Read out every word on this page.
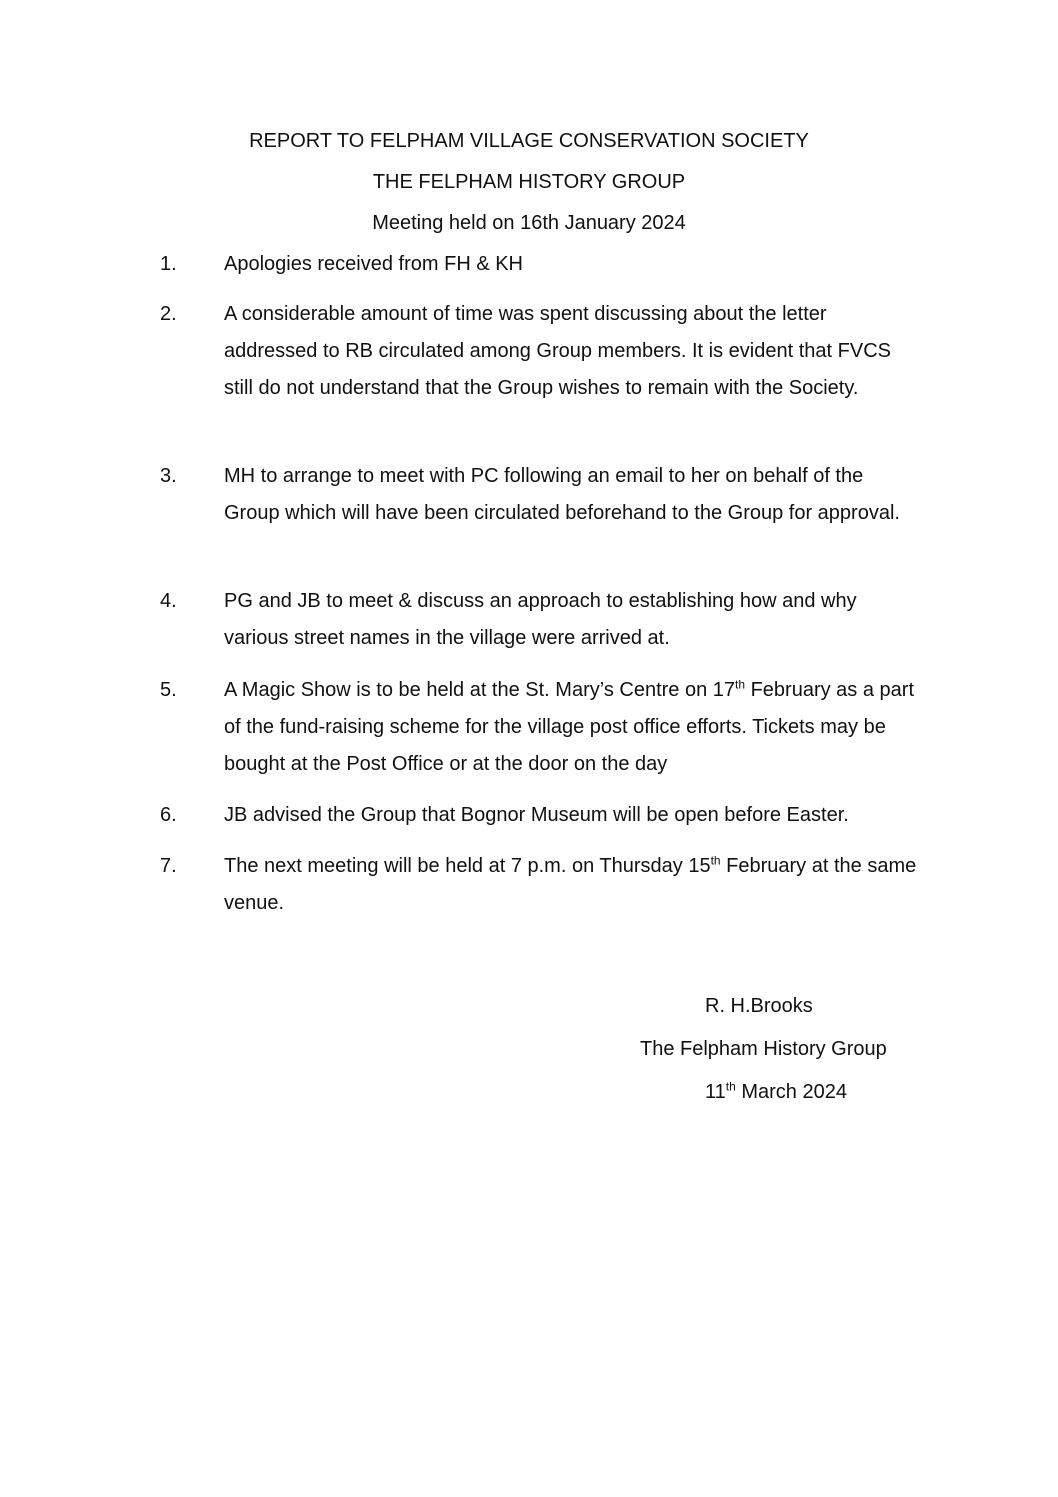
REPORT TO FELPHAM VILLAGE CONSERVATION SOCIETY
THE FELPHAM HISTORY GROUP

Meeting held on 16th January 2024

1. Apologies received from FH & KH
2. A considerable amount of time was spent discussing about the letter addressed to RB circulated among Group members. It is evident that FVCS still do not understand that the Group wishes to remain with the Society.
3. MH to arrange to meet with PC following an email to her on behalf of the Group which will have been circulated beforehand to the Group for approval.
4. PG and JB to meet & discuss an approach to establishing how and why various street names in the village were arrived at.
5. A Magic Show is to be held at the St. Mary’s Centre on 17th February as a part of the fund-raising scheme for the village post office efforts. Tickets may be bought at the Post Office or at the door on the day
6. JB advised the Group that Bognor Museum will be open before Easter.
7. The next meeting will be held at 7 p.m. on Thursday 15th February at the same venue.
R. H.Brooks
The Felpham History Group
11th March 2024
